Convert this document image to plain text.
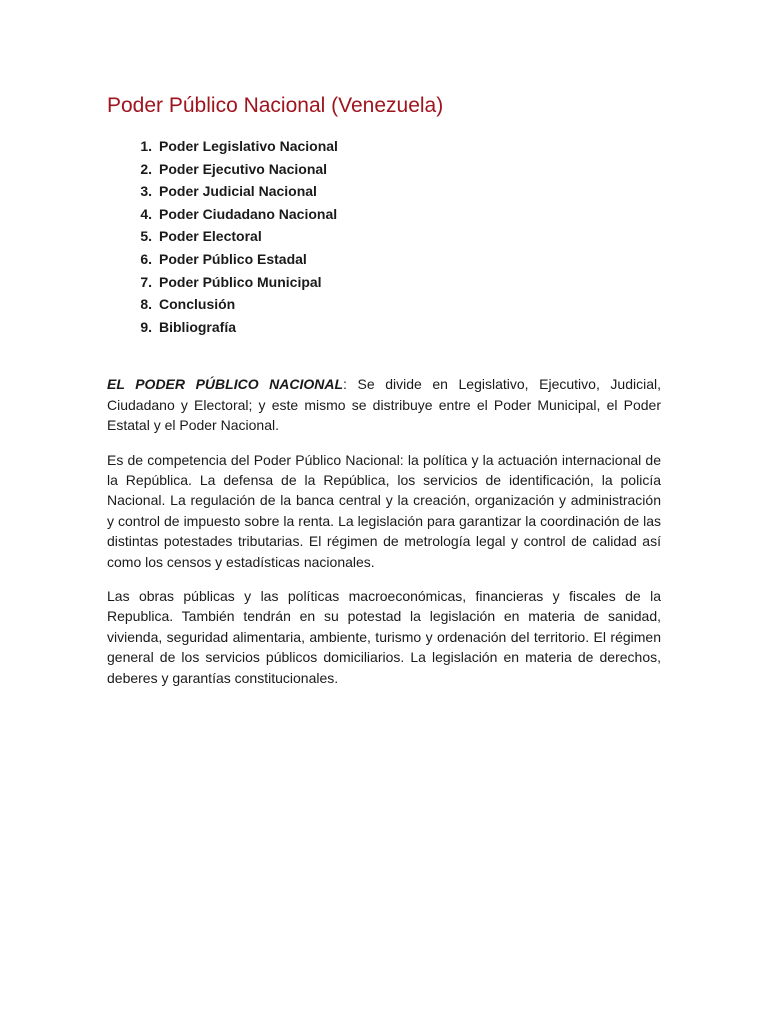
Poder Público Nacional (Venezuela)
1. Poder Legislativo Nacional
2. Poder Ejecutivo Nacional
3. Poder Judicial Nacional
4. Poder Ciudadano Nacional
5. Poder Electoral
6. Poder Público Estadal
7. Poder Público Municipal
8. Conclusión
9. Bibliografía

EL PODER PÚBLICO NACIONAL: Se divide en Legislativo, Ejecutivo, Judicial, Ciudadano y Electoral; y este mismo se distribuye entre el Poder Municipal, el Poder Estatal y el Poder Nacional.

Es de competencia del Poder Público Nacional: la política y la actuación internacional de la República. La defensa de la República, los servicios de identificación, la policía Nacional. La regulación de la banca central y la creación, organización y administración y control de impuesto sobre la renta. La legislación para garantizar la coordinación de las distintas potestades tributarias. El régimen de metrología legal y control de calidad así como los censos y estadísticas nacionales.

Las obras públicas y las políticas macroeconómicas, financieras y fiscales de la Republica. También tendrán en su potestad la legislación en materia de sanidad, vivienda, seguridad alimentaria, ambiente, turismo y ordenación del territorio. El régimen general de los servicios públicos domiciliarios. La legislación en materia de derechos, deberes y garantías constitucionales.
